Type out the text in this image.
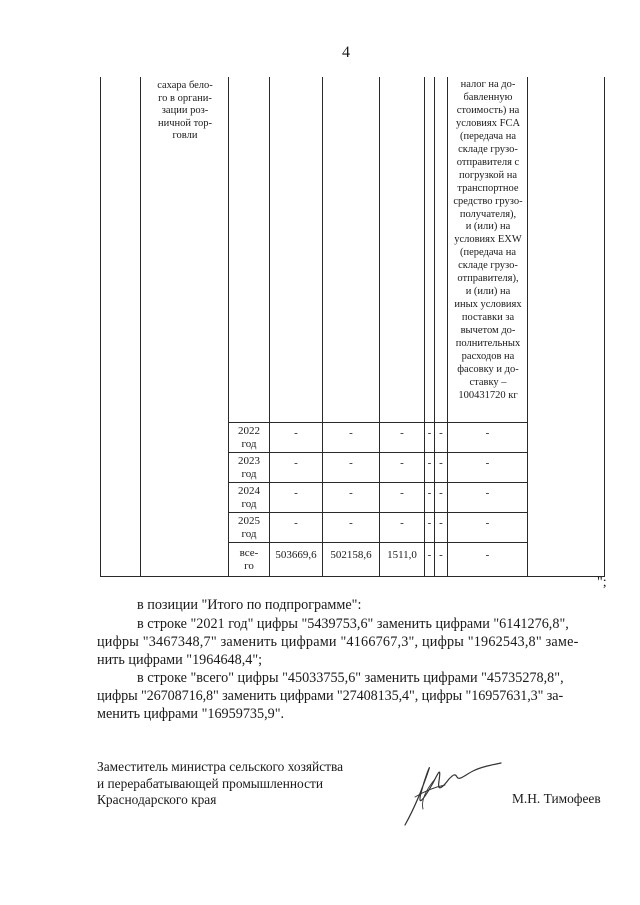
4
сахара бело-
го в органи-
зации роз-
ничной тор-
говли
налог на до-
бавленную
стоимость) на
условиях FCA
(передача на
складе грузо-
отправителя с
погрузкой на
транспортное
средство грузо-
получателя),
и (или) на
условиях EXW
(передача на
складе грузо-
отправителя),
и (или) на
иных условиях
поставки за
вычетом до-
полнительных
расходов на
фасовку и до-
ставку –
100431720 кг
2022
год
-	-	-	- -	-
2023
год
-	-	-	- -	-
2024
год
-	-	-	- -	-
2025
год
-	-	-	- -	-
все-
го
503669,6	502158,6	1511,0 - -	-
";
в позиции "Итого по подпрограмме":
в строке "2021 год" цифры "5439753,6" заменить цифрами "6141276,8",
цифры "3467348,7" заменить цифрами "4166767,3", цифры "1962543,8" заме-
нить цифрами "1964648,4";
в строке "всего" цифры "45033755,6" заменить цифрами "45735278,8",
цифры "26708716,8" заменить цифрами "27408135,4", цифры "16957631,3" за-
менить цифрами "16959735,9".
Заместитель министра сельского хозяйства
и перерабатывающей промышленности
Краснодарского края	М.Н. Тимофеев
